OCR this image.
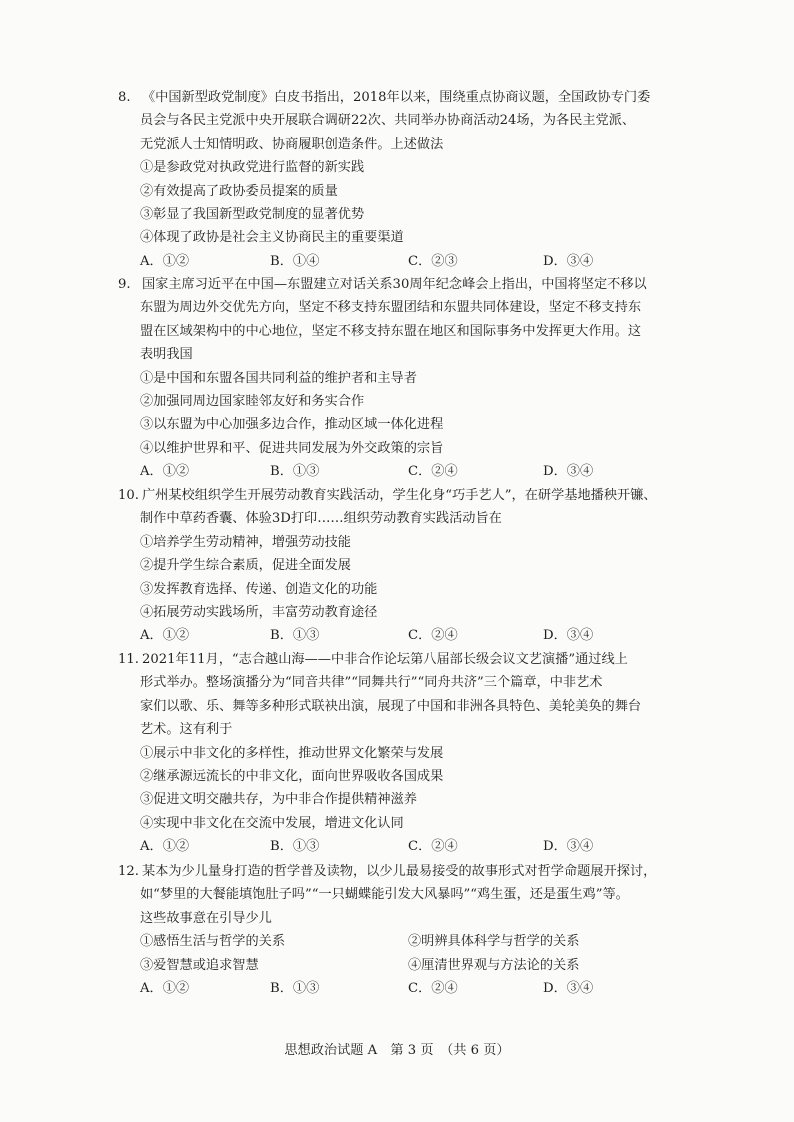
8. 《中国新型政党制度》白皮书指出，2018年以来，围绕重点协商议题，全国政协专门委
员会与各民主党派中央开展联合调研22次、共同举办协商活动24场，为各民主党派、
无党派人士知情明政、协商履职创造条件。上述做法
①是参政党对执政党进行监督的新实践
②有效提高了政协委员提案的质量
③彰显了我国新型政党制度的显著优势
④体现了政协是社会主义协商民主的重要渠道
A．①②	B．①④	C．②③	D．③④
9. 国家主席习近平在中国—东盟建立对话关系30周年纪念峰会上指出，中国将坚定不移以
东盟为周边外交优先方向，坚定不移支持东盟团结和东盟共同体建设，坚定不移支持东
盟在区域架构中的中心地位，坚定不移支持东盟在地区和国际事务中发挥更大作用。这
表明我国
①是中国和东盟各国共同利益的维护者和主导者
②加强同周边国家睦邻友好和务实合作
③以东盟为中心加强多边合作，推动区域一体化进程
④以维护世界和平、促进共同发展为外交政策的宗旨
A．①②	B．①③	C．②④	D．③④
10. 广州某校组织学生开展劳动教育实践活动，学生化身“巧手艺人”，在研学基地播秧开镰、
制作中草药香囊、体验3D打印……组织劳动教育实践活动旨在
①培养学生劳动精神，增强劳动技能
②提升学生综合素质，促进全面发展
③发挥教育选择、传递、创造文化的功能
④拓展劳动实践场所，丰富劳动教育途径
A．①②	B．①③	C．②④	D．③④
11. 2021年11月，“志合越山海——中非合作论坛第八届部长级会议文艺演播”通过线上
形式举办。整场演播分为“同音共律”“同舞共行”“同舟共济”三个篇章，中非艺术
家们以歌、乐、舞等多种形式联袂出演，展现了中国和非洲各具特色、美轮美奂的舞台
艺术。这有利于
①展示中非文化的多样性，推动世界文化繁荣与发展
②继承源远流长的中非文化，面向世界吸收各国成果
③促进文明交融共存，为中非合作提供精神滋养
④实现中非文化在交流中发展，增进文化认同
A．①②	B．①③	C．②④	D．③④
12. 某本为少儿量身打造的哲学普及读物，以少儿最易接受的故事形式对哲学命题展开探讨，
如“梦里的大餐能填饱肚子吗”“一只蝴蝶能引发大风暴吗”“鸡生蛋，还是蛋生鸡”等。
这些故事意在引导少儿
①感悟生活与哲学的关系	②明辨具体科学与哲学的关系
③爱智慧或追求智慧	④厘清世界观与方法论的关系
A．①②	B．①③	C．②④	D．③④
思想政治试题 A　第 3 页　（共 6 页）
